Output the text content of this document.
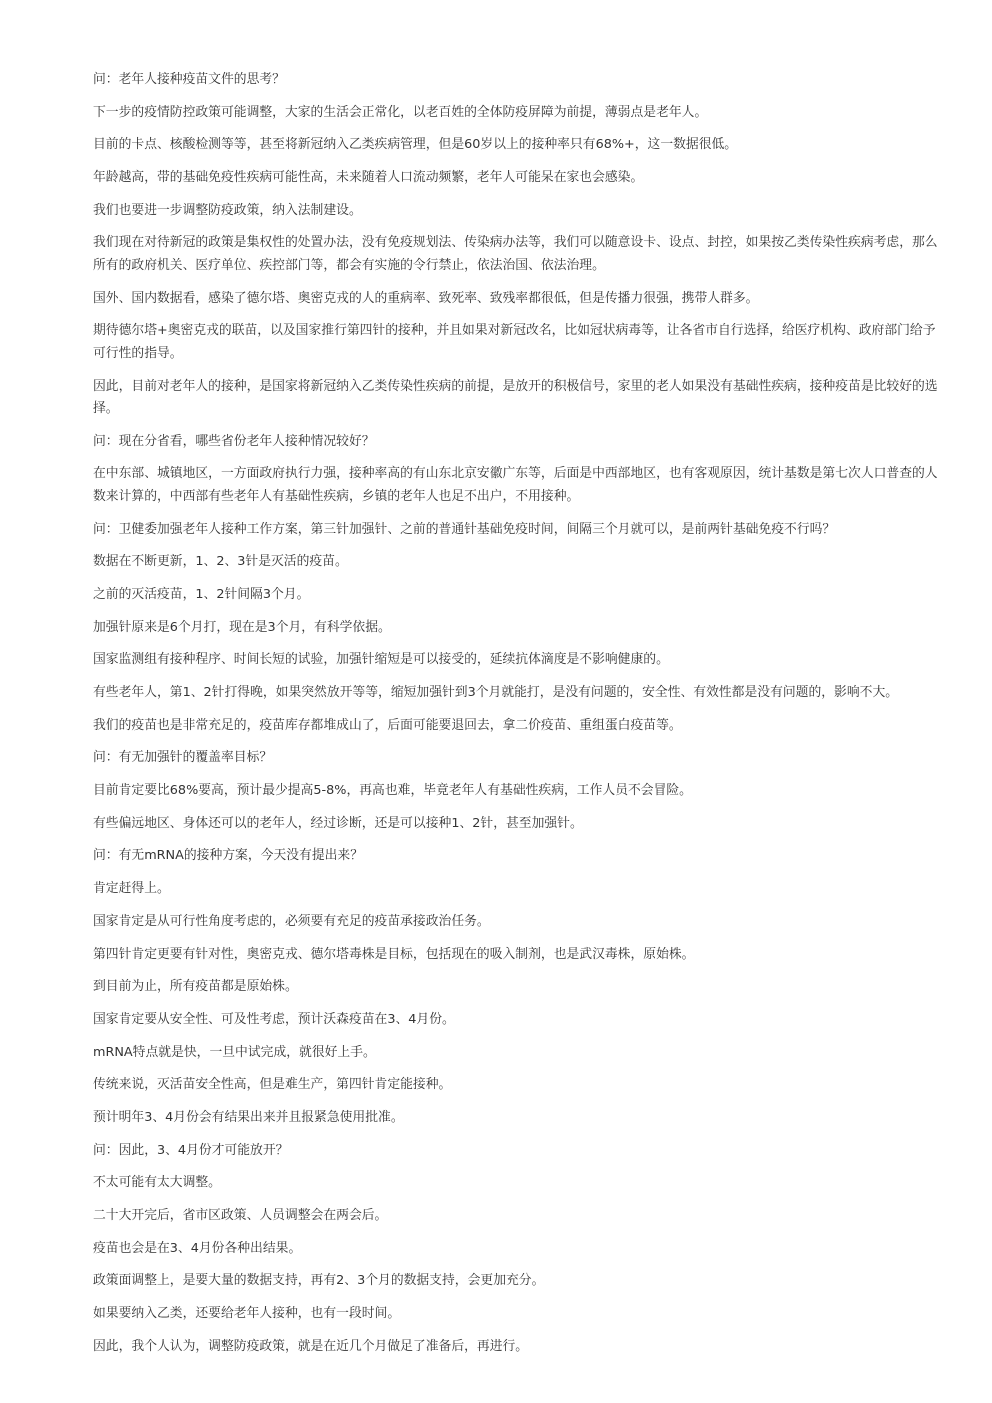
问：老年人接种疫苗文件的思考？

下一步的疫情防控政策可能调整，大家的生活会正常化，以老百姓的全体防疫屏障为前提，薄弱点是老年人。

目前的卡点、核酸检测等等，甚至将新冠纳入乙类疾病管理，但是60岁以上的接种率只有68%+，这一数据很低。

年龄越高，带的基础免疫性疾病可能性高，未来随着人口流动频繁，老年人可能呆在家也会感染。

我们也要进一步调整防疫政策，纳入法制建设。

我们现在对待新冠的政策是集权性的处置办法，没有免疫规划法、传染病办法等，我们可以随意设卡、设点、封控，如果按乙类传染性疾病考虑，那么所有的政府机关、医疗单位、疾控部门等，都会有实施的令行禁止，依法治国、依法治理。

国外、国内数据看，感染了德尔塔、奥密克戎的人的重病率、致死率、致残率都很低，但是传播力很强，携带人群多。

期待德尔塔+奥密克戎的联苗，以及国家推行第四针的接种，并且如果对新冠改名，比如冠状病毒等，让各省市自行选择，给医疗机构、政府部门给予可行性的指导。

因此，目前对老年人的接种，是国家将新冠纳入乙类传染性疾病的前提，是放开的积极信号，家里的老人如果没有基础性疾病，接种疫苗是比较好的选择。

问：现在分省看，哪些省份老年人接种情况较好？

在中东部、城镇地区，一方面政府执行力强，接种率高的有山东北京安徽广东等，后面是中西部地区，也有客观原因，统计基数是第七次人口普查的人数来计算的，中西部有些老年人有基础性疾病，乡镇的老年人也足不出户，不用接种。

问：卫健委加强老年人接种工作方案，第三针加强针、之前的普通针基础免疫时间，间隔三个月就可以，是前两针基础免疫不行吗？

数据在不断更新，1、2、3针是灭活的疫苗。

之前的灭活疫苗，1、2针间隔3个月。

加强针原来是6个月打，现在是3个月，有科学依据。

国家监测组有接种程序、时间长短的试验，加强针缩短是可以接受的，延续抗体滴度是不影响健康的。

有些老年人，第1、2针打得晚，如果突然放开等等，缩短加强针到3个月就能打，是没有问题的，安全性、有效性都是没有问题的，影响不大。

我们的疫苗也是非常充足的，疫苗库存都堆成山了，后面可能要退回去，拿二价疫苗、重组蛋白疫苗等。

问：有无加强针的覆盖率目标？

目前肯定要比68%要高，预计最少提高5-8%，再高也难，毕竟老年人有基础性疾病，工作人员不会冒险。

有些偏远地区、身体还可以的老年人，经过诊断，还是可以接种1、2针，甚至加强针。

问：有无mRNA的接种方案，今天没有提出来？

肯定赶得上。

国家肯定是从可行性角度考虑的，必须要有充足的疫苗承接政治任务。

第四针肯定更要有针对性，奥密克戎、德尔塔毒株是目标，包括现在的吸入制剂，也是武汉毒株，原始株。

到目前为止，所有疫苗都是原始株。

国家肯定要从安全性、可及性考虑，预计沃森疫苗在3、4月份。

mRNA特点就是快，一旦中试完成，就很好上手。

传统来说，灭活苗安全性高，但是难生产，第四针肯定能接种。

预计明年3、4月份会有结果出来并且报紧急使用批准。

问：因此，3、4月份才可能放开？

不太可能有太大调整。

二十大开完后，省市区政策、人员调整会在两会后。

疫苗也会是在3、4月份各种出结果。

政策面调整上，是要大量的数据支持，再有2、3个月的数据支持，会更加充分。

如果要纳入乙类，还要给老年人接种，也有一段时间。

因此，我个人认为，调整防疫政策，就是在近几个月做足了准备后，再进行。
